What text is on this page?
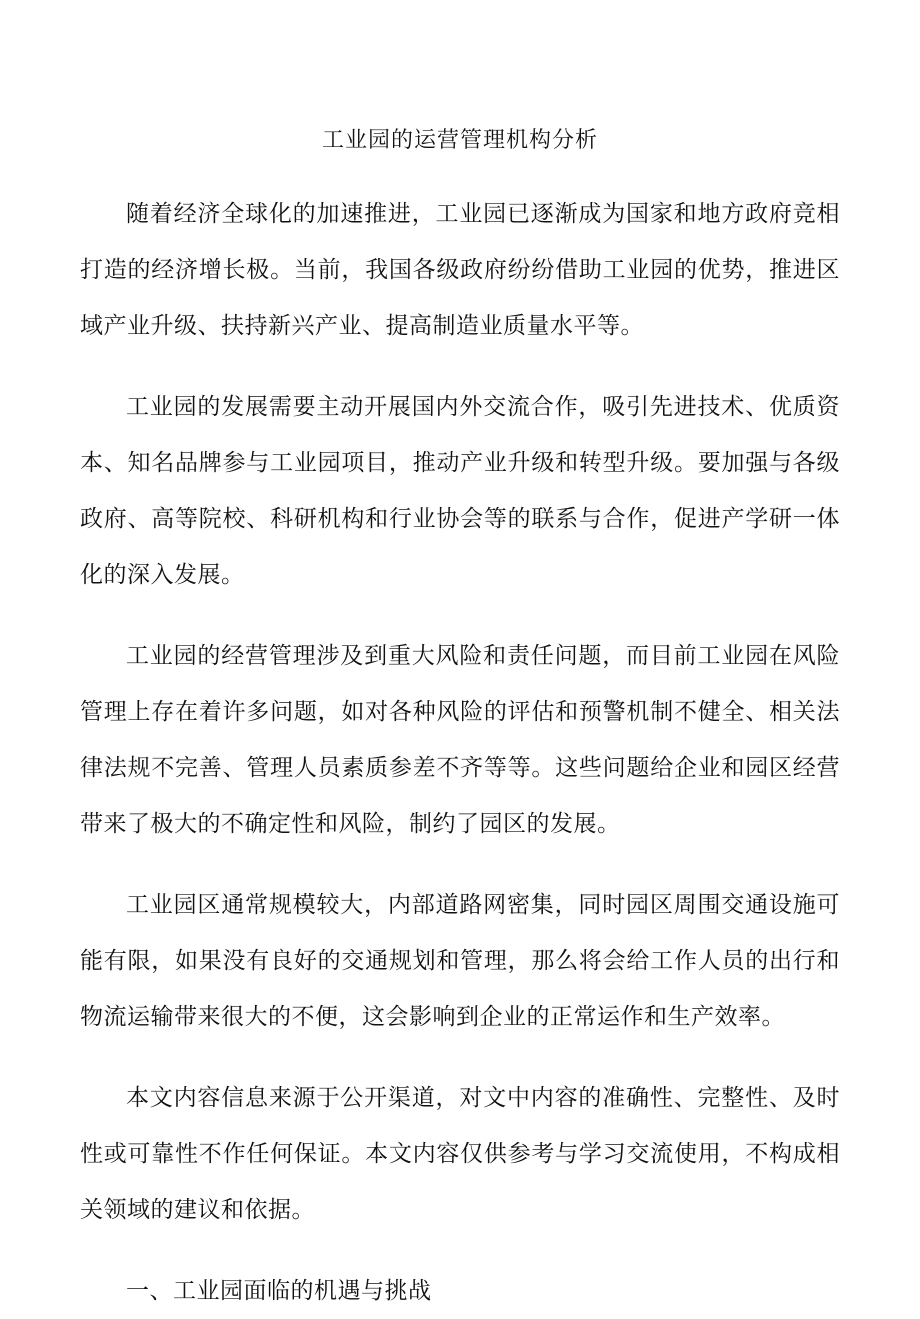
工业园的运营管理机构分析

随着经济全球化的加速推进，工业园已逐渐成为国家和地方政府竞相打造的经济增长极。当前，我国各级政府纷纷借助工业园的优势，推进区域产业升级、扶持新兴产业、提高制造业质量水平等。

工业园的发展需要主动开展国内外交流合作，吸引先进技术、优质资本、知名品牌参与工业园项目，推动产业升级和转型升级。要加强与各级政府、高等院校、科研机构和行业协会等的联系与合作，促进产学研一体化的深入发展。

工业园的经营管理涉及到重大风险和责任问题，而目前工业园在风险管理上存在着许多问题，如对各种风险的评估和预警机制不健全、相关法律法规不完善、管理人员素质参差不齐等等。这些问题给企业和园区经营带来了极大的不确定性和风险，制约了园区的发展。

工业园区通常规模较大，内部道路网密集，同时园区周围交通设施可能有限，如果没有良好的交通规划和管理，那么将会给工作人员的出行和物流运输带来很大的不便，这会影响到企业的正常运作和生产效率。

本文内容信息来源于公开渠道，对文中内容的准确性、完整性、及时性或可靠性不作任何保证。本文内容仅供参考与学习交流使用，不构成相关领域的建议和依据。

一、工业园面临的机遇与挑战
